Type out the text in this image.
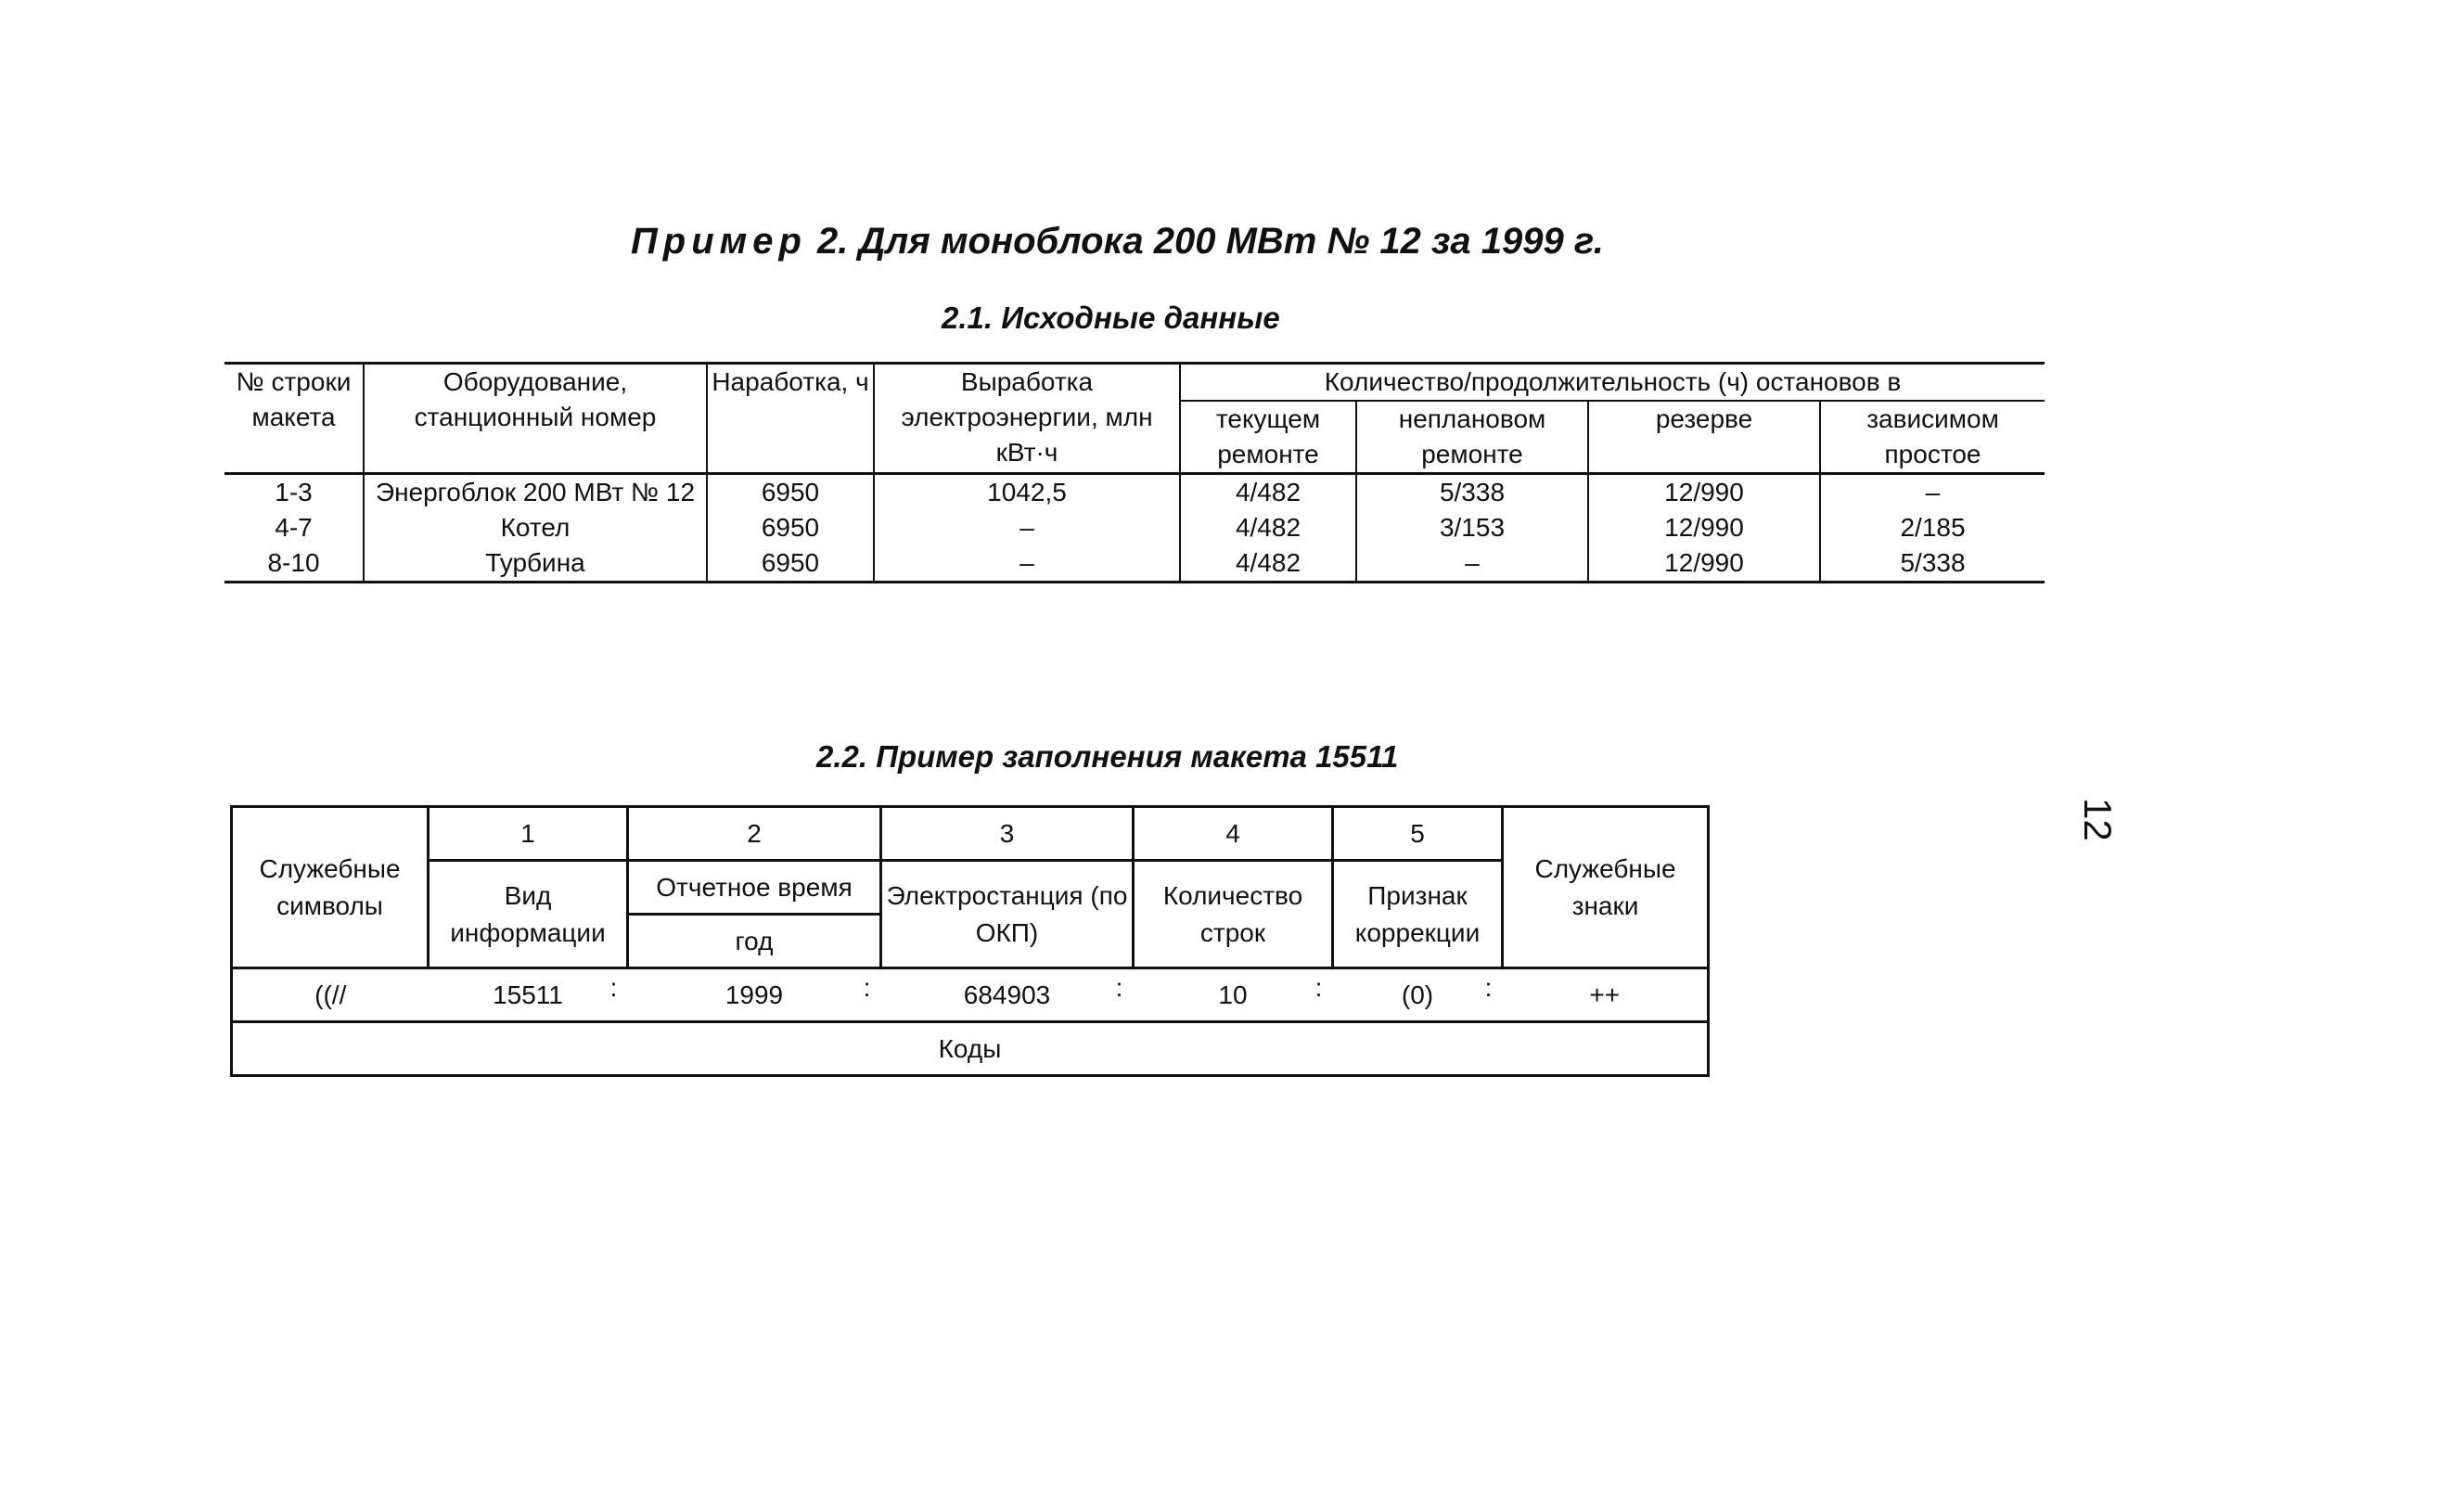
Пример 2. Для моноблока 200 МВт № 12 за 1999 г.
2.1. Исходные данные
№ строки макета	Оборудование, станционный номер	Наработка, ч	Выработка электроэнергии, млн кВт·ч	Количество/продолжительность (ч) остановов в			
				текущем ремонте	неплановом ремонте	резерве	зависимом простое
1-3	Энергоблок 200 МВт № 12	6950	1042,5	4/482	5/338	12/990	–
4-7	Котел	6950	–	4/482	3/153	12/990	2/185
8-10	Турбина	6950	–	4/482	–	12/990	5/338
2.2. Пример заполнения макета 15511
Служебные символы	1	2	3	4	5	Служебные знаки
	Вид информации	Отчетное время	Электростанция (по ОКП)	Количество строк	Признак коррекции	
		год				
((//	15511 :	1999 :	684903 :	10 :	(0) :	++
Коды						
12
